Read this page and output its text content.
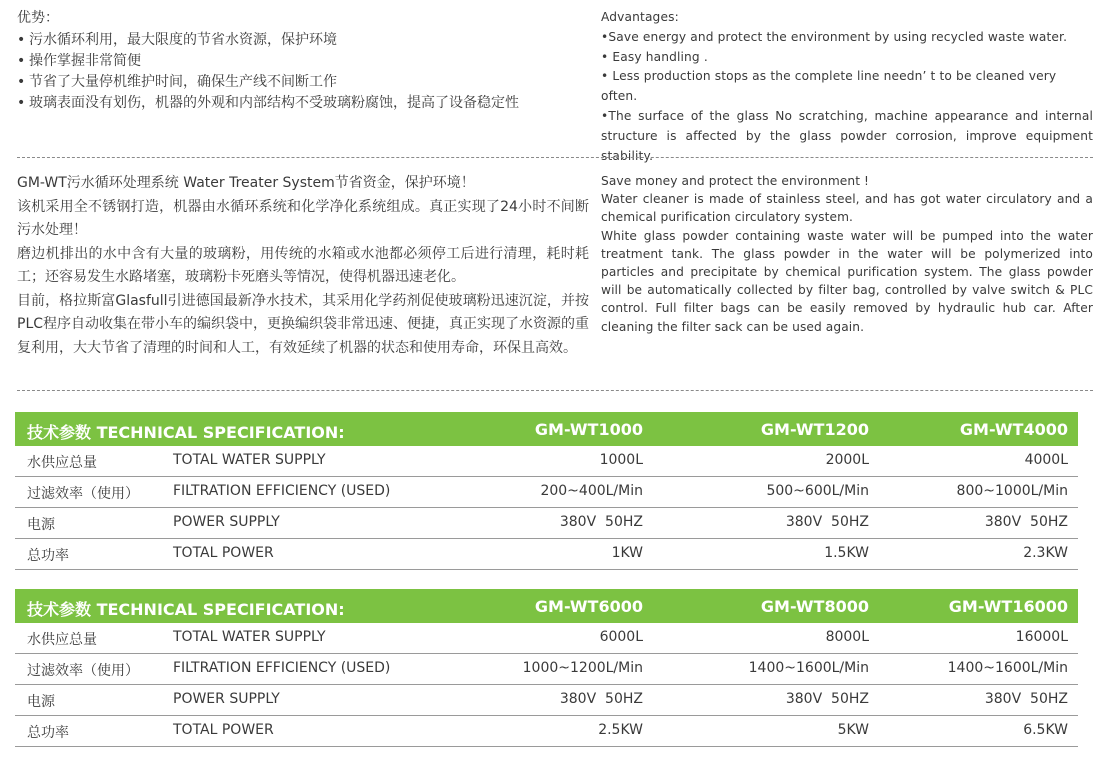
优势：
• 污水循环利用，最大限度的节省水资源，保护环境
• 操作掌握非常简便
• 节省了大量停机维护时间，确保生产线不间断工作
• 玻璃表面没有划伤，机器的外观和内部结构不受玻璃粉腐蚀，提高了设备稳定性
Advantages:
•Save energy and protect the environment by using recycled waste water.
• Easy handling .
• Less production stops as the complete line needn’ t to be cleaned very often.
•The surface of the glass No scratching, machine appearance and internal structure is affected by the glass powder corrosion, improve equipment stability.

GM-WT污水循环处理系统 Water Treater System节省资金，保护环境！

该机采用全不锈钢打造，机器由水循环系统和化学净化系统组成。真正实现了24小时不间断污水处理！

磨边机排出的水中含有大量的玻璃粉，用传统的水箱或水池都必须停工后进行清理，耗时耗工；还容易发生水路堵塞，玻璃粉卡死磨头等情况，使得机器迅速老化。

目前，格拉斯富Glasfull引进德国最新净水技术，其采用化学药剂促使玻璃粉迅速沉淀，并按PLC程序自动收集在带小车的编织袋中，更换编织袋非常迅速、便捷，真正实现了水资源的重复利用，大大节省了清理的时间和人工，有效延续了机器的状态和使用寿命，环保且高效。

Save money and protect the environment !

Water cleaner is made of stainless steel, and has got water circulatory and a chemical purification circulatory system.

White glass powder containing waste water will be pumped into the water treatment tank. The glass powder in the water will be polymerized into particles and precipitate by chemical purification system. The glass powder will be automatically collected by filter bag, controlled by valve switch & PLC control. Full filter bags can be easily removed by hydraulic hub car. After cleaning the filter sack can be used again.

技术参数 TECHNICAL SPECIFICATION:	GM-WT1000	GM-WT1200	GM-WT4000
水供应总量	TOTAL WATER SUPPLY	1000L	2000L	4000L
过滤效率（使用） FILTRATION EFFICIENCY (USED)	200~400L/Min	500~600L/Min	800~1000L/Min
电源	POWER SUPPLY	380V  50HZ	380V  50HZ	380V  50HZ
总功率	TOTAL POWER	1KW	1.5KW	2.3KW
技术参数 TECHNICAL SPECIFICATION:	GM-WT6000	GM-WT8000	GM-WT16000
水供应总量	TOTAL WATER SUPPLY	6000L	8000L	16000L
过滤效率（使用） FILTRATION EFFICIENCY (USED)	1000~1200L/Min	1400~1600L/Min	1400~1600L/Min
电源	POWER SUPPLY	380V  50HZ	380V  50HZ	380V  50HZ
总功率	TOTAL POWER	2.5KW	5KW	6.5KW
